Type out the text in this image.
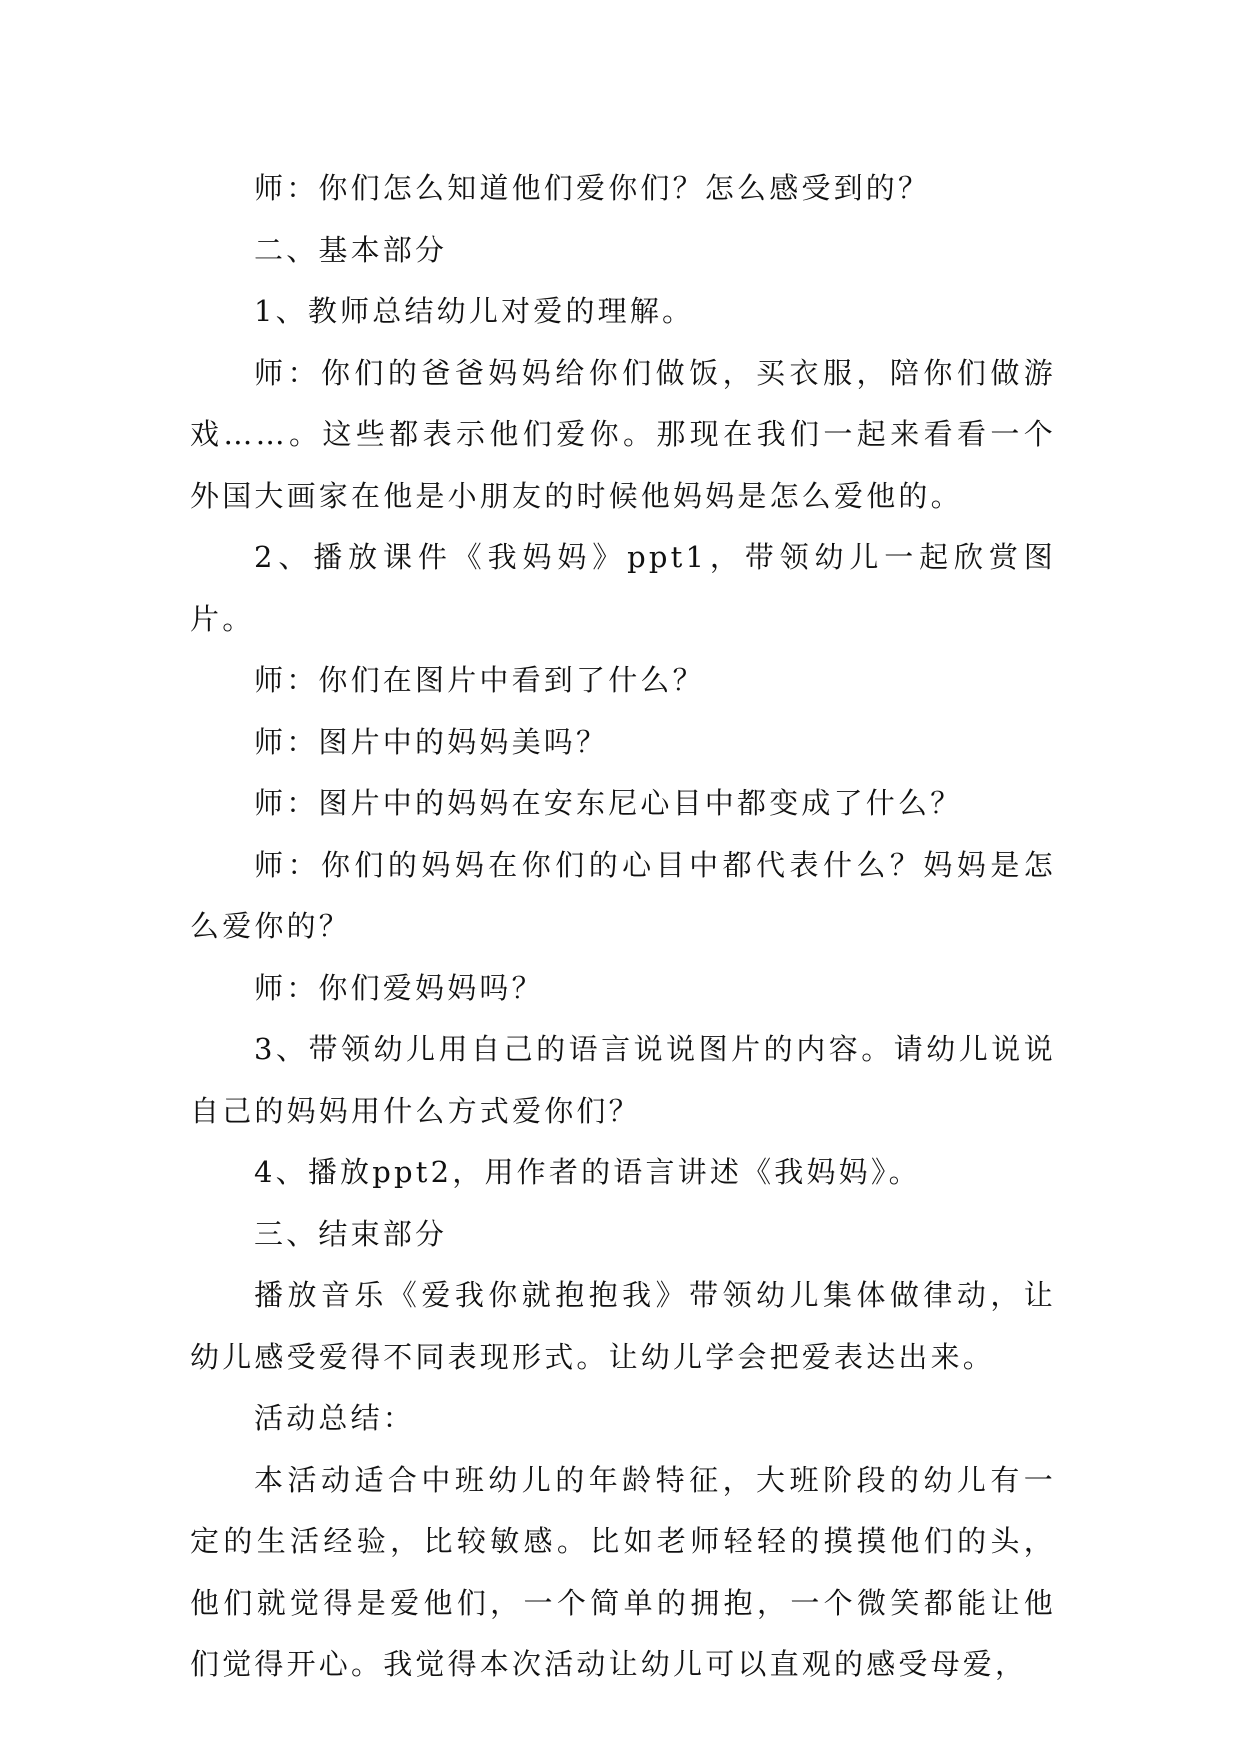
师：你们怎么知道他们爱你们？怎么感受到的？

二、基本部分

1、教师总结幼儿对爱的理解。

师：你们的爸爸妈妈给你们做饭，买衣服，陪你们做游戏……。这些都表示他们爱你。那现在我们一起来看看一个外国大画家在他是小朋友的时候他妈妈是怎么爱他的。

2、播放课件《我妈妈》ppt1，带领幼儿一起欣赏图片。

师：你们在图片中看到了什么？

师：图片中的妈妈美吗？

师：图片中的妈妈在安东尼心目中都变成了什么？

师：你们的妈妈在你们的心目中都代表什么？妈妈是怎么爱你的？

师：你们爱妈妈吗？

3、带领幼儿用自己的语言说说图片的内容。请幼儿说说自己的妈妈用什么方式爱你们？

4、播放ppt2，用作者的语言讲述《我妈妈》。

三、结束部分

播放音乐《爱我你就抱抱我》带领幼儿集体做律动，让幼儿感受爱得不同表现形式。让幼儿学会把爱表达出来。

活动总结：

本活动适合中班幼儿的年龄特征，大班阶段的幼儿有一定的生活经验，比较敏感。比如老师轻轻的摸摸他们的头，他们就觉得是爱他们，一个简单的拥抱，一个微笑都能让他们觉得开心。我觉得本次活动让幼儿可以直观的感受母爱，
